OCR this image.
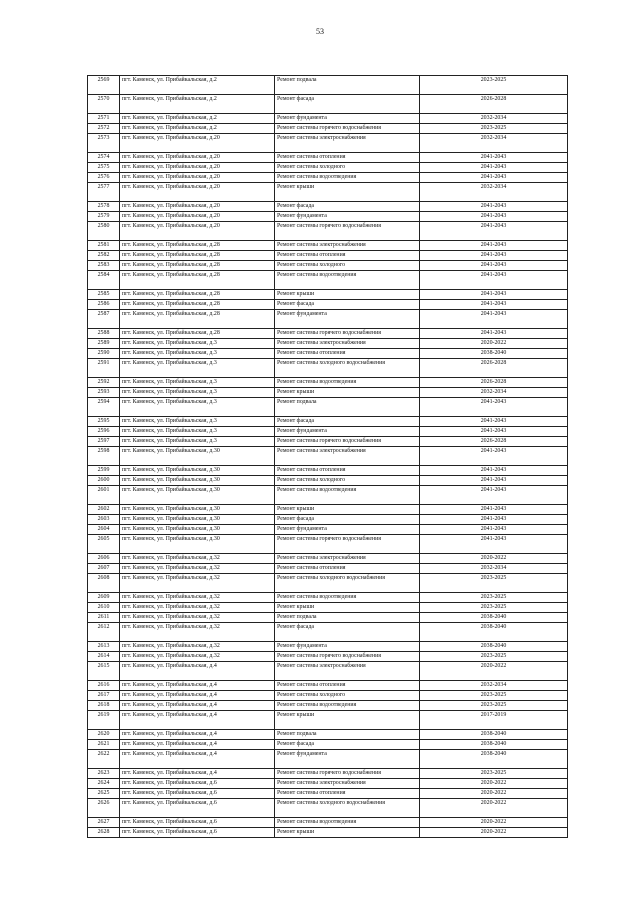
53
2569	пгт. Каменск, ул. Прибайкальская, д.2	Ремонт подвала	2023-2025
2570	пгт. Каменск, ул. Прибайкальская, д.2	Ремонт фасада	2026-2028
2571	пгт. Каменск, ул. Прибайкальская, д.2	Ремонт фундамента	2032-2034
2572	пгт. Каменск, ул. Прибайкальская, д.2	Ремонт системы горячего водоснабжения	2023-2025
2573	пгт. Каменск, ул. Прибайкальская, д.20	Ремонт системы электроснабжения	2032-2034
2574	пгт. Каменск, ул. Прибайкальская, д.20	Ремонт системы отопления	2041-2043
2575	пгт. Каменск, ул. Прибайкальская, д.20	Ремонт системы холодного	2041-2043
2576	пгт. Каменск, ул. Прибайкальская, д.20	Ремонт системы водоотведения	2041-2043
2577	пгт. Каменск, ул. Прибайкальская, д.20	Ремонт крыши	2032-2034
2578	пгт. Каменск, ул. Прибайкальская, д.20	Ремонт фасада	2041-2043
2579	пгт. Каменск, ул. Прибайкальская, д.20	Ремонт фундамента	2041-2043
2580	пгт. Каменск, ул. Прибайкальская, д.20	Ремонт системы горячего водоснабжения	2041-2043
2581	пгт. Каменск, ул. Прибайкальская, д.28	Ремонт системы электроснабжения	2041-2043
2582	пгт. Каменск, ул. Прибайкальская, д.28	Ремонт системы отопления	2041-2043
2583	пгт. Каменск, ул. Прибайкальская, д.28	Ремонт системы холодного	2041-2043
2584	пгт. Каменск, ул. Прибайкальская, д.28	Ремонт системы водоотведения	2041-2043
2585	пгт. Каменск, ул. Прибайкальская, д.28	Ремонт крыши	2041-2043
2586	пгт. Каменск, ул. Прибайкальская, д.28	Ремонт фасада	2041-2043
2587	пгт. Каменск, ул. Прибайкальская, д.28	Ремонт фундамента	2041-2043
2588	пгт. Каменск, ул. Прибайкальская, д.28	Ремонт системы горячего водоснабжения	2041-2043
2589	пгт. Каменск, ул. Прибайкальская, д.3	Ремонт системы электроснабжения	2020-2022
2590	пгт. Каменск, ул. Прибайкальская, д.3	Ремонт системы отопления	2038-2040
2591	пгт. Каменск, ул. Прибайкальская, д.3	Ремонт системы холодного водоснабжения	2026-2028
2592	пгт. Каменск, ул. Прибайкальская, д.3	Ремонт системы водоотведения	2026-2028
2593	пгт. Каменск, ул. Прибайкальская, д.3	Ремонт крыши	2032-2034
2594	пгт. Каменск, ул. Прибайкальская, д.3	Ремонт подвала	2041-2043
2595	пгт. Каменск, ул. Прибайкальская, д.3	Ремонт фасада	2041-2043
2596	пгт. Каменск, ул. Прибайкальская, д.3	Ремонт фундамента	2041-2043
2597	пгт. Каменск, ул. Прибайкальская, д.3	Ремонт системы горячего водоснабжения	2026-2028
2598	пгт. Каменск, ул. Прибайкальская, д.30	Ремонт системы электроснабжения	2041-2043
2599	пгт. Каменск, ул. Прибайкальская, д.30	Ремонт системы отопления	2041-2043
2600	пгт. Каменск, ул. Прибайкальская, д.30	Ремонт системы холодного	2041-2043
2601	пгт. Каменск, ул. Прибайкальская, д.30	Ремонт системы водоотведения	2041-2043
2602	пгт. Каменск, ул. Прибайкальская, д.30	Ремонт крыши	2041-2043
2603	пгт. Каменск, ул. Прибайкальская, д.30	Ремонт фасада	2041-2043
2604	пгт. Каменск, ул. Прибайкальская, д.30	Ремонт фундамента	2041-2043
2605	пгт. Каменск, ул. Прибайкальская, д.30	Ремонт системы горячего водоснабжения	2041-2043
2606	пгт. Каменск, ул. Прибайкальская, д.32	Ремонт системы электроснабжения	2020-2022
2607	пгт. Каменск, ул. Прибайкальская, д.32	Ремонт системы отопления	2032-2034
2608	пгт. Каменск, ул. Прибайкальская, д.32	Ремонт системы холодного водоснабжения	2023-2025
2609	пгт. Каменск, ул. Прибайкальская, д.32	Ремонт системы водоотведения	2023-2025
2610	пгт. Каменск, ул. Прибайкальская, д.32	Ремонт крыши	2023-2025
2611	пгт. Каменск, ул. Прибайкальская, д.32	Ремонт подвала	2038-2040
2612	пгт. Каменск, ул. Прибайкальская, д.32	Ремонт фасада	2038-2040
2613	пгт. Каменск, ул. Прибайкальская, д.32	Ремонт фундамента	2038-2040
2614	пгт. Каменск, ул. Прибайкальская, д.32	Ремонт системы горячего водоснабжения	2023-2025
2615	пгт. Каменск, ул. Прибайкальская, д.4	Ремонт системы электроснабжения	2020-2022
2616	пгт. Каменск, ул. Прибайкальская, д.4	Ремонт системы отопления	2032-2034
2617	пгт. Каменск, ул. Прибайкальская, д.4	Ремонт системы холодного	2023-2025
2618	пгт. Каменск, ул. Прибайкальская, д.4	Ремонт системы водоотведения	2023-2025
2619	пгт. Каменск, ул. Прибайкальская, д.4	Ремонт крыши	2017-2019
2620	пгт. Каменск, ул. Прибайкальская, д.4	Ремонт подвала	2038-2040
2621	пгт. Каменск, ул. Прибайкальская, д.4	Ремонт фасада	2038-2040
2622	пгт. Каменск, ул. Прибайкальская, д.4	Ремонт фундамента	2038-2040
2623	пгт. Каменск, ул. Прибайкальская, д.4	Ремонт системы горячего водоснабжения	2023-2025
2624	пгт. Каменск, ул. Прибайкальская, д.6	Ремонт системы электроснабжения	2020-2022
2625	пгт. Каменск, ул. Прибайкальская, д.6	Ремонт системы отопления	2020-2022
2626	пгт. Каменск, ул. Прибайкальская, д.6	Ремонт системы холодного водоснабжения	2020-2022
2627	пгт. Каменск, ул. Прибайкальская, д.6	Ремонт системы водоотведения	2020-2022
2628	пгт. Каменск, ул. Прибайкальская, д.6	Ремонт крыши	2020-2022
